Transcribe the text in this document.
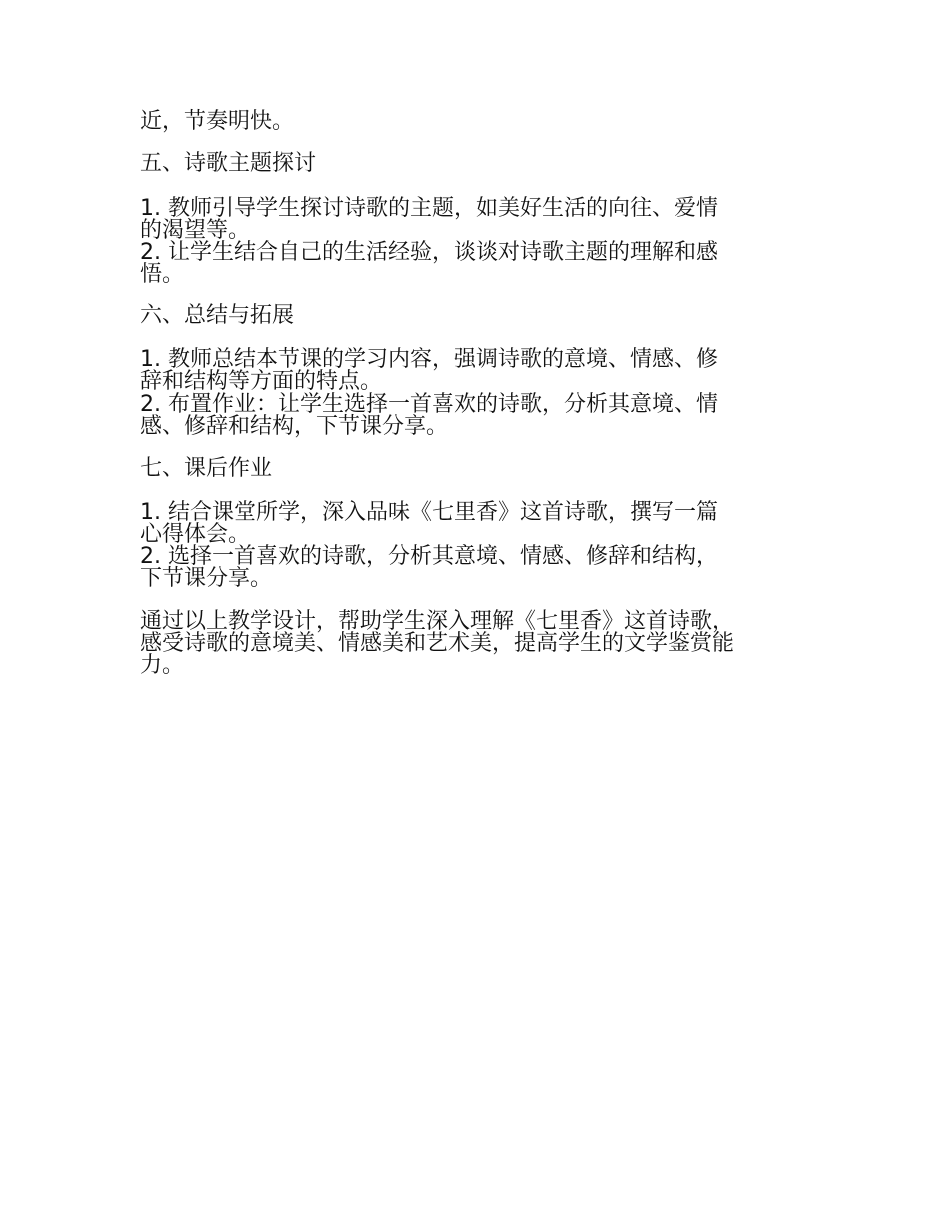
近，节奏明快。
五、诗歌主题探讨
1. 教师引导学生探讨诗歌的主题，如美好生活的向往、爱情
的渴望等。
2. 让学生结合自己的生活经验，谈谈对诗歌主题的理解和感
悟。
六、总结与拓展
1. 教师总结本节课的学习内容，强调诗歌的意境、情感、修
辞和结构等方面的特点。
2. 布置作业：让学生选择一首喜欢的诗歌，分析其意境、情
感、修辞和结构，下节课分享。
七、课后作业
1. 结合课堂所学，深入品味《七里香》这首诗歌，撰写一篇
心得体会。
2. 选择一首喜欢的诗歌，分析其意境、情感、修辞和结构，
下节课分享。
通过以上教学设计，帮助学生深入理解《七里香》这首诗歌，
感受诗歌的意境美、情感美和艺术美，提高学生的文学鉴赏能
力。
